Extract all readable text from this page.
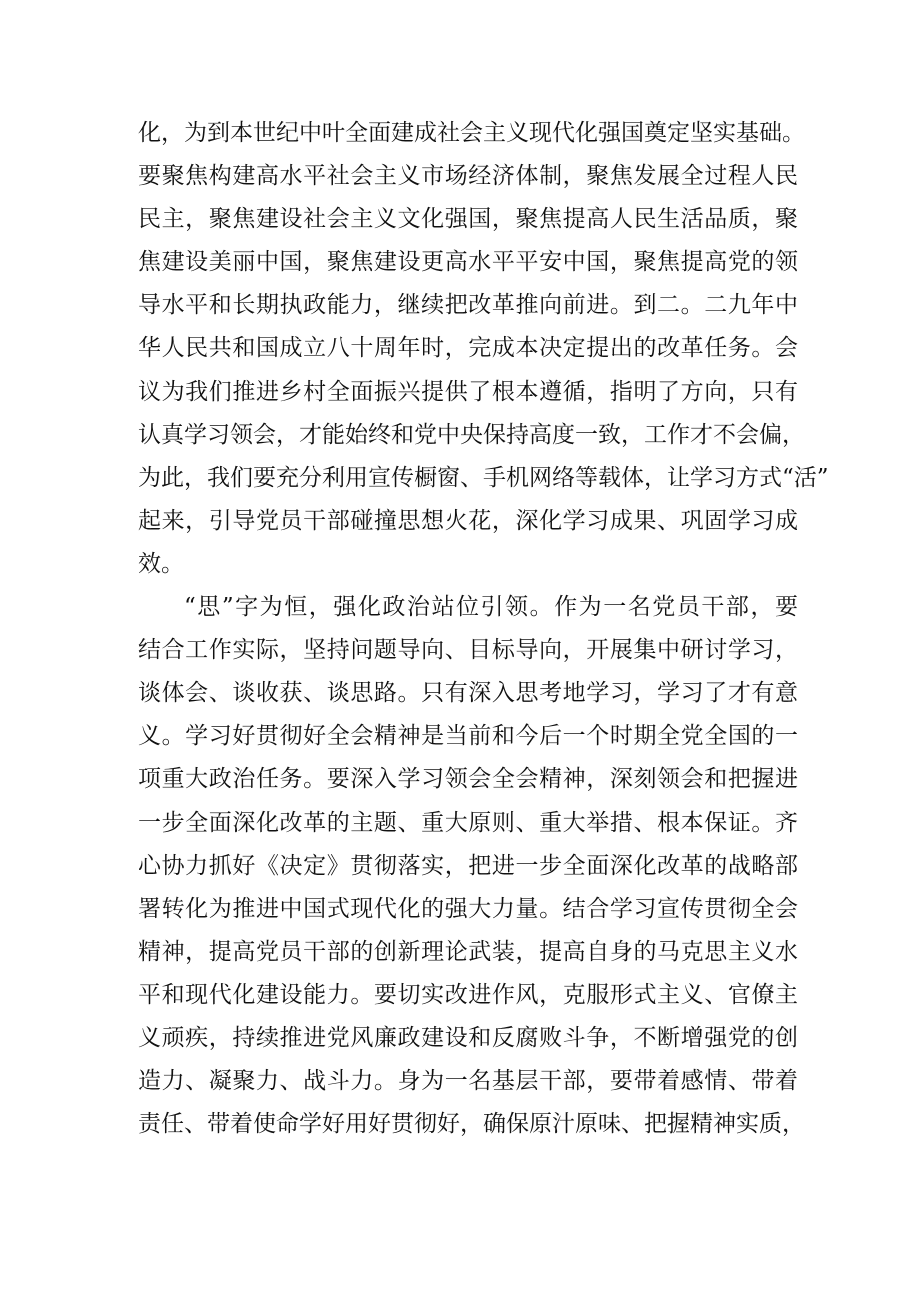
化，为到本世纪中叶全面建成社会主义现代化强国奠定坚实基础。
要聚焦构建高水平社会主义市场经济体制，聚焦发展全过程人民
民主，聚焦建设社会主义文化强国，聚焦提高人民生活品质，聚
焦建设美丽中国，聚焦建设更高水平平安中国，聚焦提高党的领
导水平和长期执政能力，继续把改革推向前进。到二。二九年中
华人民共和国成立八十周年时，完成本决定提出的改革任务。会
议为我们推进乡村全面振兴提供了根本遵循，指明了方向，只有
认真学习领会，才能始终和党中央保持高度一致，工作才不会偏，
为此，我们要充分利用宣传橱窗、手机网络等载体，让学习方式“活”
起来，引导党员干部碰撞思想火花，深化学习成果、巩固学习成
效。
“思”字为恒，强化政治站位引领。作为一名党员干部，要
结合工作实际，坚持问题导向、目标导向，开展集中研讨学习，
谈体会、谈收获、谈思路。只有深入思考地学习，学习了才有意
义。学习好贯彻好全会精神是当前和今后一个时期全党全国的一
项重大政治任务。要深入学习领会全会精神，深刻领会和把握进
一步全面深化改革的主题、重大原则、重大举措、根本保证。齐
心协力抓好《决定》贯彻落实，把进一步全面深化改革的战略部
署转化为推进中国式现代化的强大力量。结合学习宣传贯彻全会
精神，提高党员干部的创新理论武装，提高自身的马克思主义水
平和现代化建设能力。要切实改进作风，克服形式主义、官僚主
义顽疾，持续推进党风廉政建设和反腐败斗争，不断增强党的创
造力、凝聚力、战斗力。身为一名基层干部，要带着感情、带着
责任、带着使命学好用好贯彻好，确保原汁原味、把握精神实质，
